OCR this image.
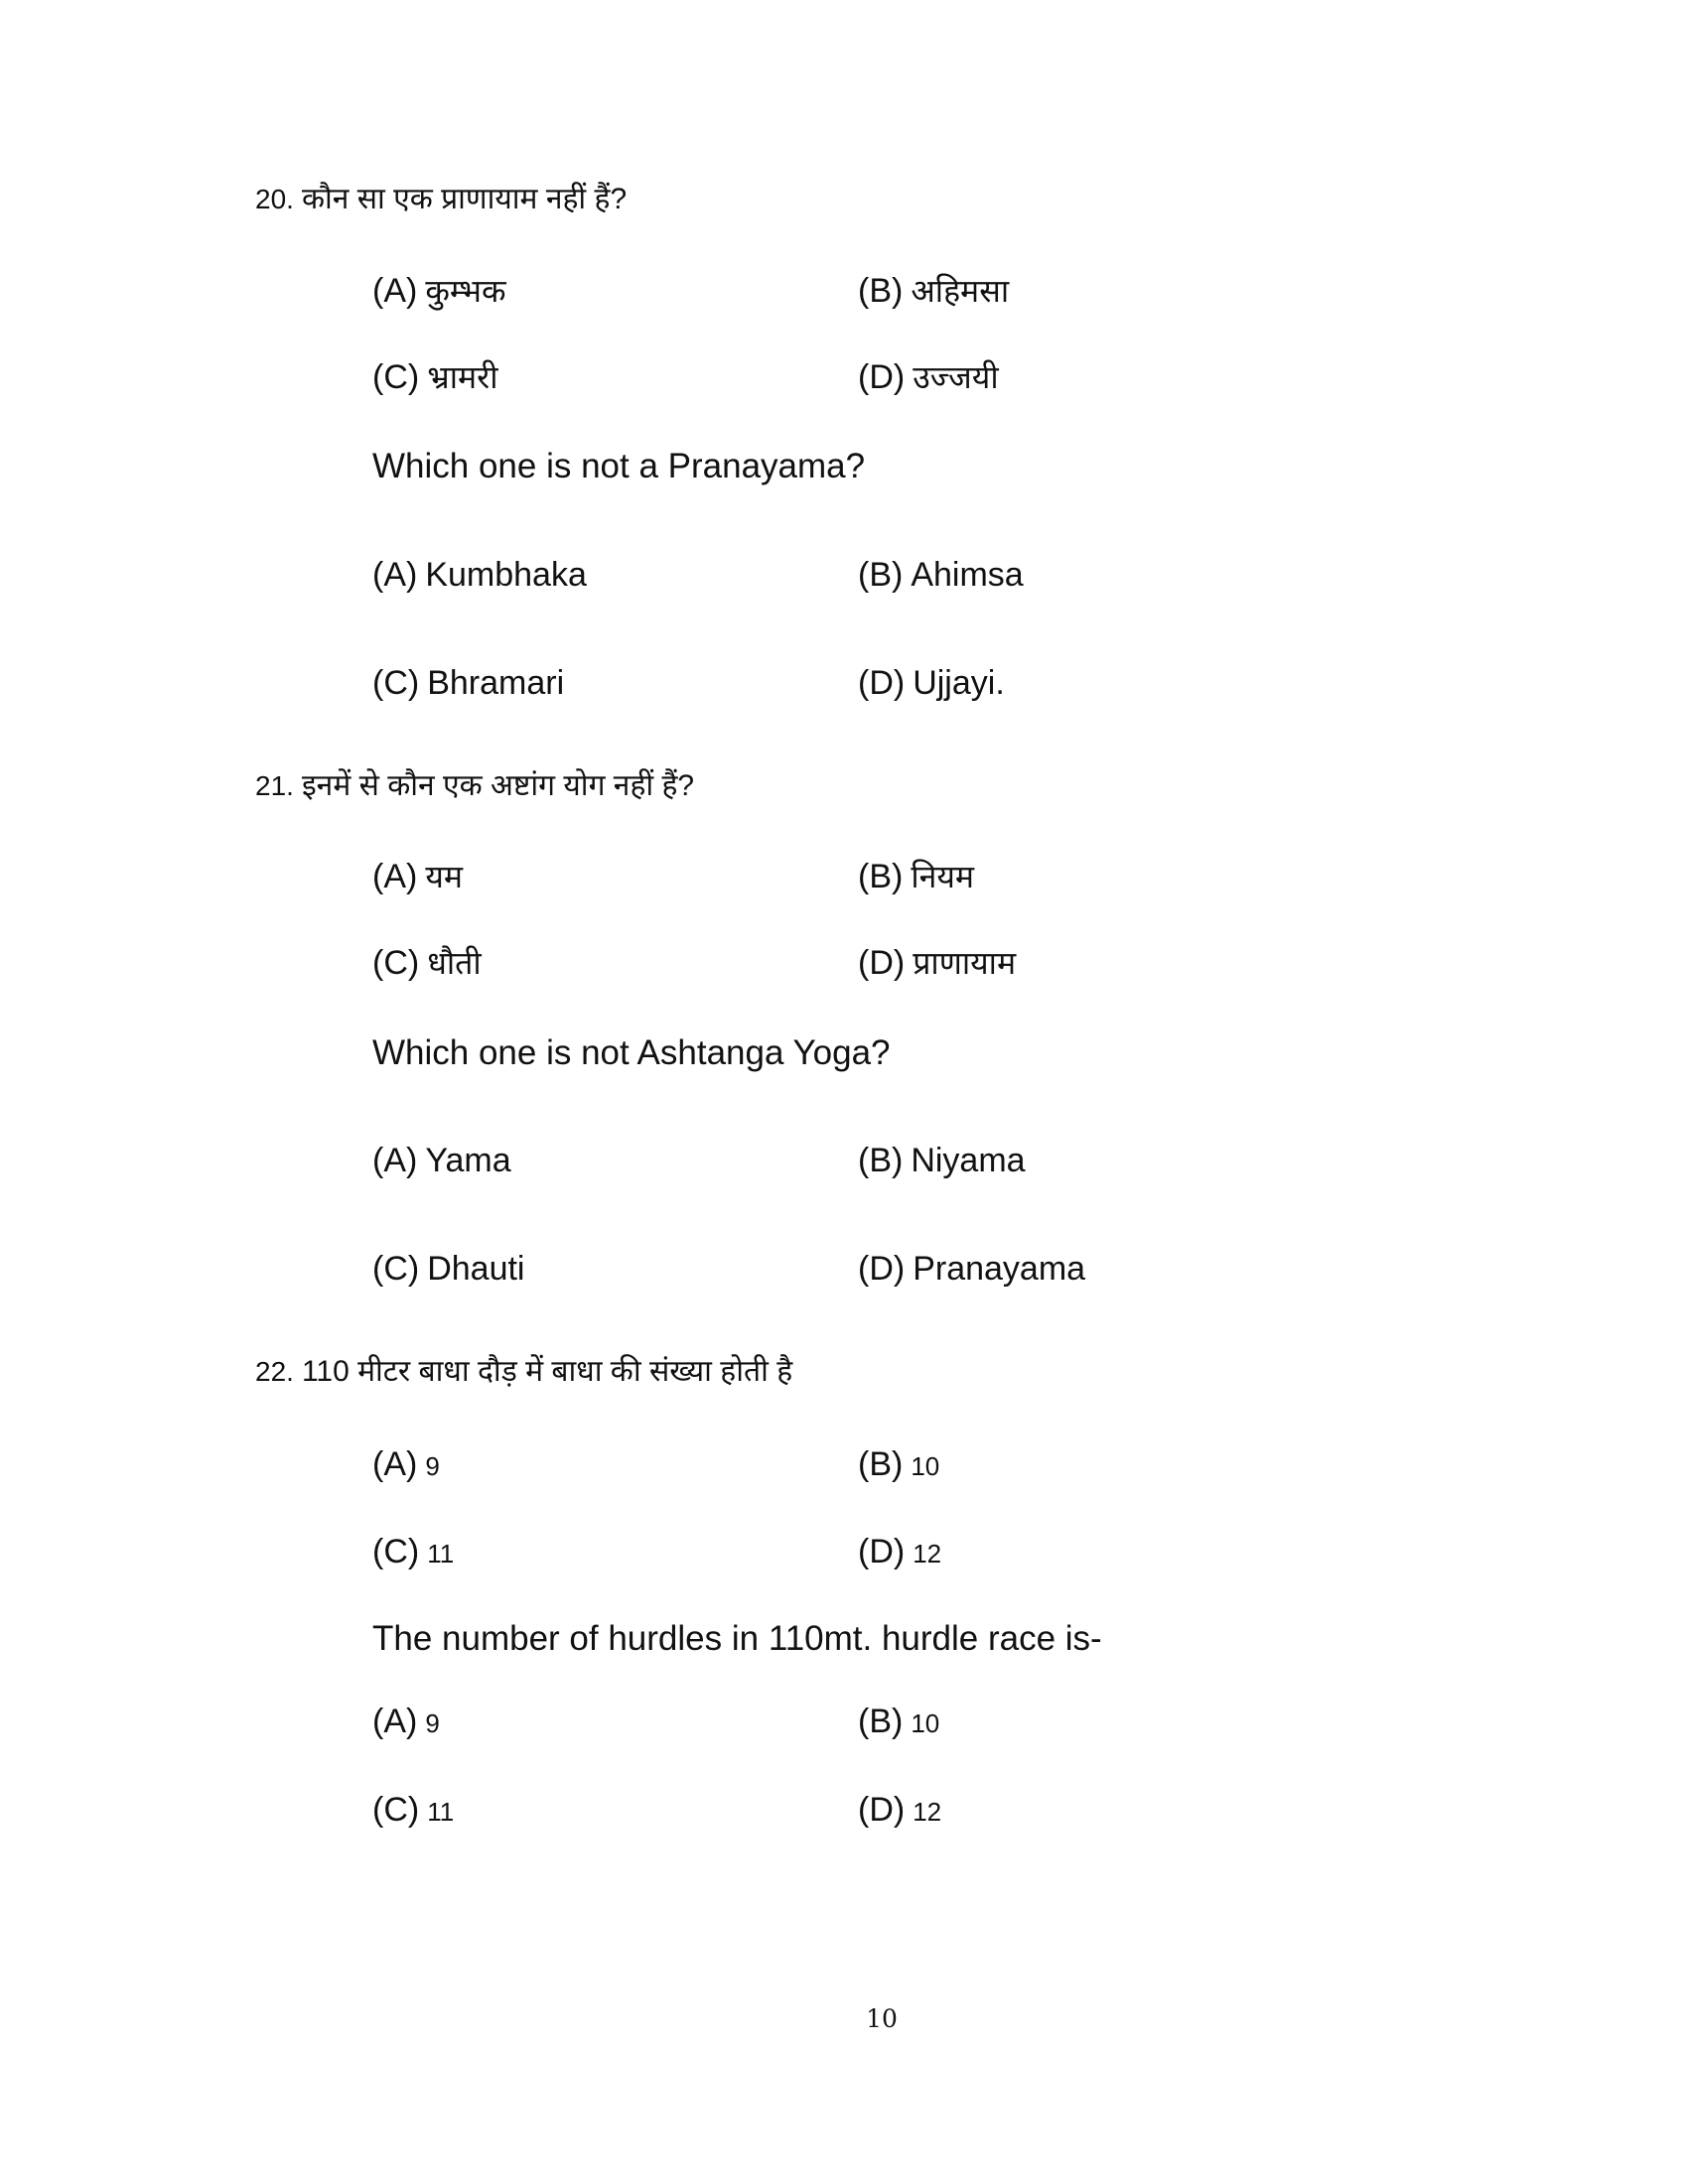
20. कौन सा एक प्राणायाम नहीं हैं?
(A) कुम्भक	(B) अहिमसा
(C) भ्रामरी	(D) उज्जयी
Which one is not a Pranayama?
(A) Kumbhaka	(B) Ahimsa
(C) Bhramari	(D) Ujjayi.
21. इनमें से कौन एक अष्टांग योग नहीं हैं?
(A) यम	(B) नियम
(C) धौती	(D) प्राणायाम
Which one is not Ashtanga Yoga?
(A) Yama	(B) Niyama
(C) Dhauti	(D) Pranayama
22. 110 मीटर बाधा दौड़ में बाधा की संख्या होती है
(A) 9	(B) 10
(C) 11	(D) 12
The number of hurdles in 110mt. hurdle race is-
(A) 9	(B) 10
(C) 11	(D) 12
10
